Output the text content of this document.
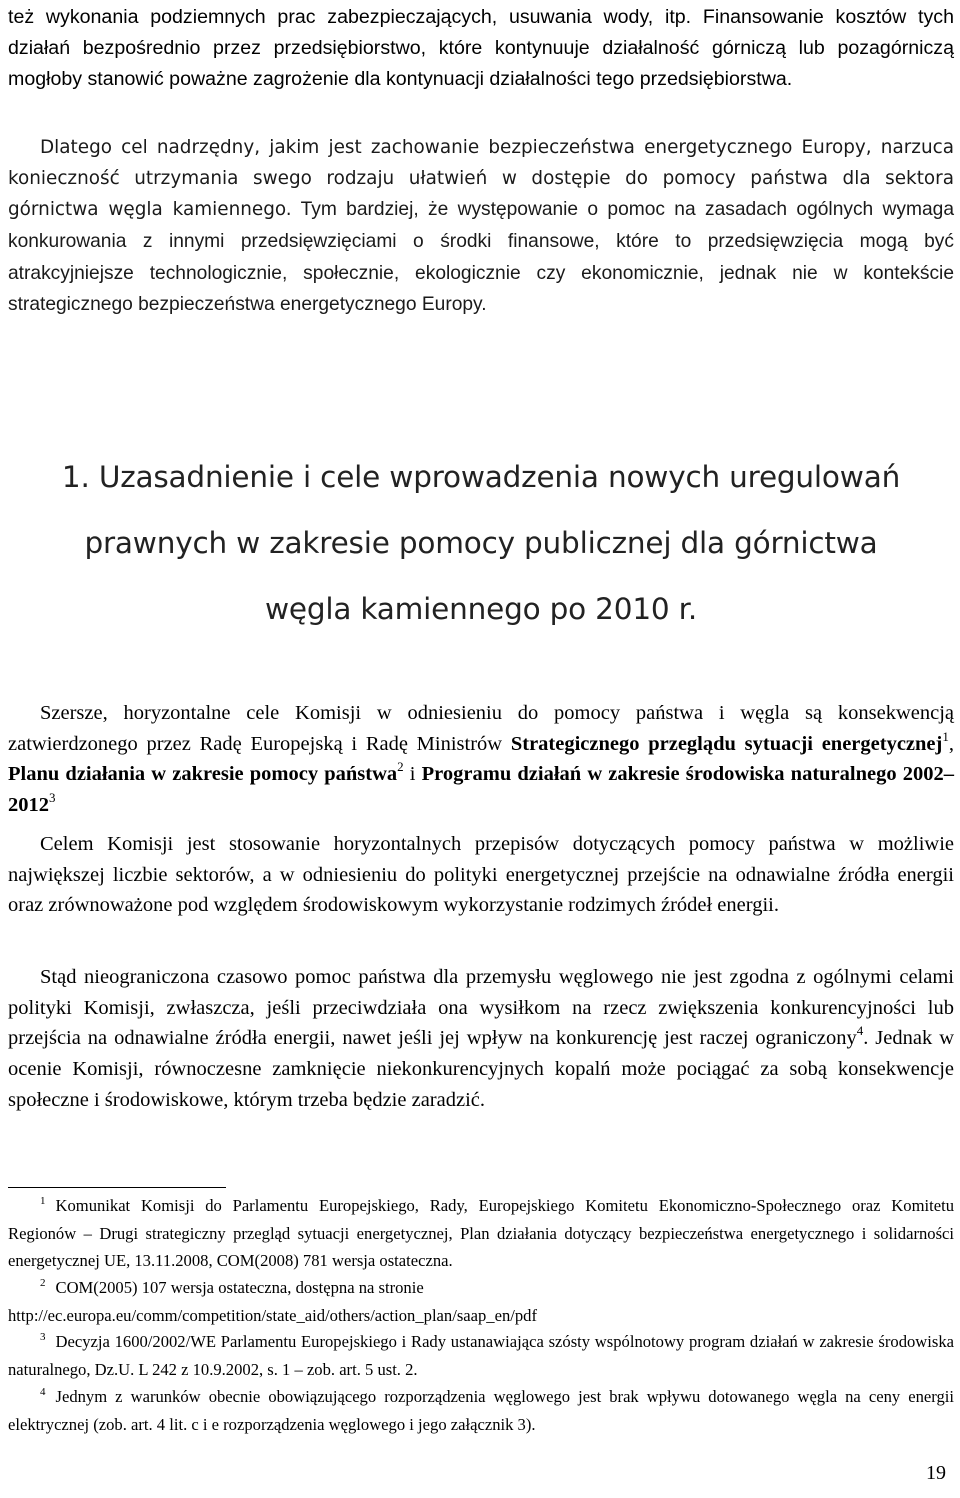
też wykonania podziemnych prac zabezpieczających, usuwania wody, itp. Finansowanie kosztów tych działań bezpośrednio przez przedsiębiorstwo, które kontynuuje działalność górniczą lub pozagórniczą mogłoby stanowić poważne zagrożenie dla kontynuacji działalności tego przedsiębiorstwa.

Dlatego cel nadrzędny, jakim jest zachowanie bezpieczeństwa energetycznego Europy, narzuca konieczność utrzymania swego rodzaju ułatwień w dostępie do pomocy państwa dla sektora górnictwa węgla kamiennego. Tym bardziej, że występowanie o pomoc na zasadach ogólnych wymaga konkurowania z innymi przedsięwzięciami o środki finansowe, które to przedsięwzięcia mogą być atrakcyjniejsze technologicznie, społecznie, ekologicznie czy ekonomicznie, jednak nie w kontekście strategicznego bezpieczeństwa energetycznego Europy.

1. Uzasadnienie i cele wprowadzenia nowych uregulowań
prawnych w zakresie pomocy publicznej dla górnictwa
węgla kamiennego po 2010 r.

Szersze, horyzontalne cele Komisji w odniesieniu do pomocy państwa i węgla są konsekwencją zatwierdzonego przez Radę Europejską i Radę Ministrów Strategicznego przeglądu sytuacji energetycznej$^1$, Planu działania w zakresie pomocy państwa$^2$ i Programu działań w zakresie środowiska naturalnego 2002–2012$^3$

Celem Komisji jest stosowanie horyzontalnych przepisów dotyczących pomocy państwa w możliwie największej liczbie sektorów, a w odniesieniu do polityki energetycznej przejście na odnawialne źródła energii oraz zrównoważone pod względem środowiskowym wykorzystanie rodzimych źródeł energii.

Stąd nieograniczona czasowo pomoc państwa dla przemysłu węglowego nie jest zgodna z ogólnymi celami polityki Komisji, zwłaszcza, jeśli przeciwdziała ona wysiłkom na rzecz zwiększenia konkurencyjności lub przejścia na odnawialne źródła energii, nawet jeśli jej wpływ na konkurencję jest raczej ograniczony$^4$. Jednak w ocenie Komisji, równoczesne zamknięcie niekonkurencyjnych kopalń może pociągać za sobą konsekwencje społeczne i środowiskowe, którym trzeba będzie zaradzić.

1 Komunikat Komisji do Parlamentu Europejskiego, Rady, Europejskiego Komitetu Ekonomiczno-Społecznego oraz Komitetu Regionów – Drugi strategiczny przegląd sytuacji energetycznej, Plan działania dotyczący bezpieczeństwa energetycznego i solidarności energetycznej UE, 13.11.2008, COM(2008) 781 wersja ostateczna.

2 COM(2005) 107 wersja ostateczna, dostępna na stronie
http://ec.europa.eu/comm/competition/state_aid/others/action_plan/saap_en/pdf

3 Decyzja 1600/2002/WE Parlamentu Europejskiego i Rady ustanawiająca szósty wspólnotowy program działań w zakresie środowiska naturalnego, Dz.U. L 242 z 10.9.2002, s. 1 – zob. art. 5 ust. 2.

4 Jednym z warunków obecnie obowiązującego rozporządzenia węglowego jest brak wpływu dotowanego węgla na ceny energii elektrycznej (zob. art. 4 lit. c i e rozporządzenia węglowego i jego załącznik 3).

19
